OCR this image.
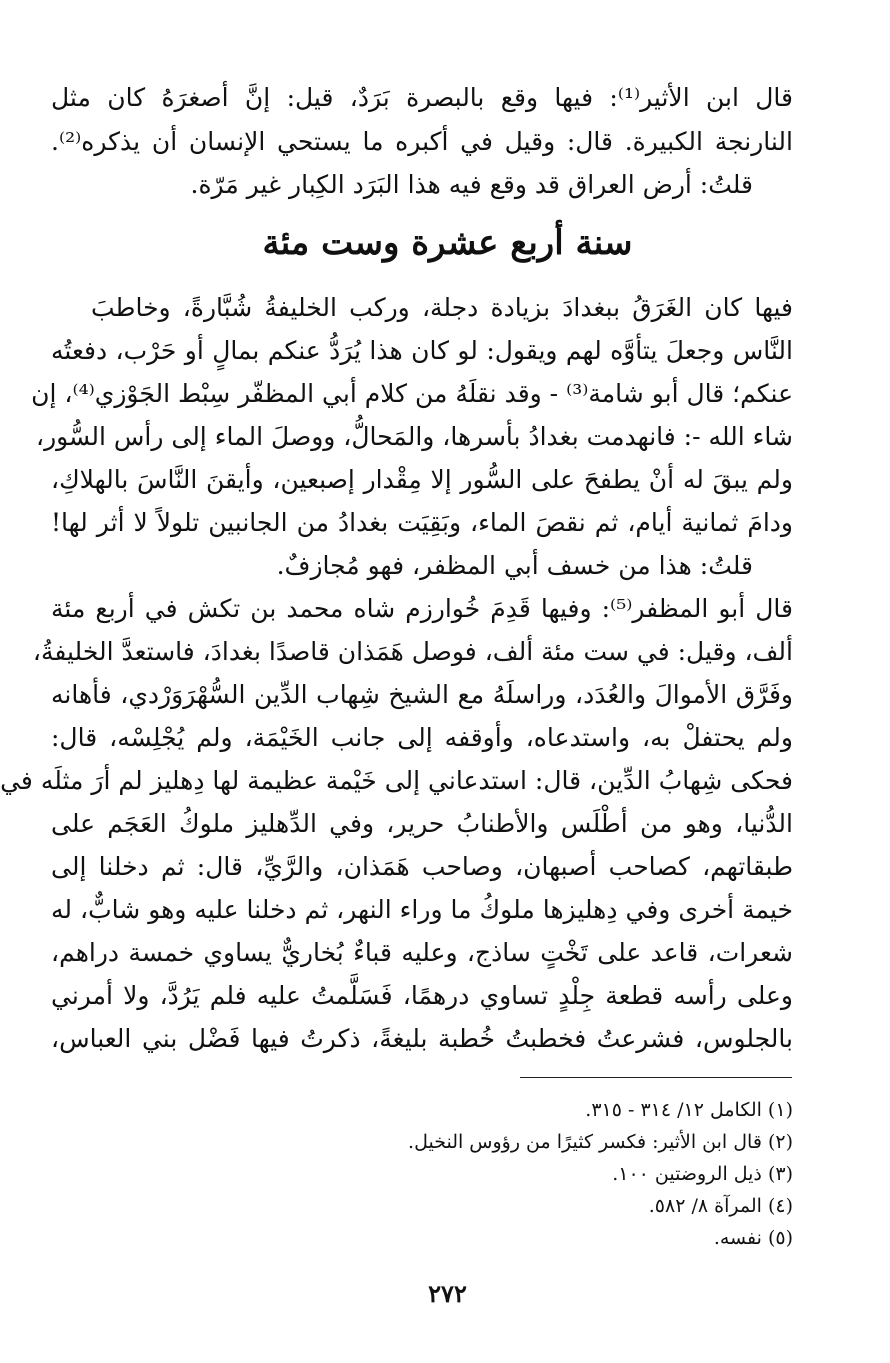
قال ابن الأثير⁽¹⁾: فيها وقع بالبصرة بَرَدٌ، قيل: إنَّ أصغرَهُ كان مثل
النارنجة الكبيرة. قال: وقيل في أكبره ما يستحي الإنسان أن يذكره⁽²⁾.
قلتُ: أرض العراق قد وقع فيه هذا البَرَد الكِبار غير مَرّة.
سنة أربع عشرة وست مئة
فيها كان الغَرَقُ ببغدادَ بزيادة دجلة، وركب الخليفةُ شُبَّارةً، وخاطبَ
النَّاس وجعلَ يتأوَّه لهم ويقول: لو كان هذا يُرَدُّ عنكم بمالٍ أو حَرْب، دفعتُه
عنكم؛ قال أبو شامة⁽³⁾ - وقد نقلَهُ من كلام أبي المظفّر سِبْط الجَوْزي⁽⁴⁾، إن
شاء الله -: فانهدمت بغدادُ بأسرها، والمَحالُّ، ووصلَ الماء إلى رأس السُّور،
ولم يبقَ له أنْ يطفحَ على السُّور إلا مِقْدار إصبعين، وأيقنَ النَّاسَ بالهلاكِ،
ودامَ ثمانية أيام، ثم نقصَ الماء، وبَقِيَت بغدادُ من الجانبين تلولاً لا أثر لها!
قلتُ: هذا من خسف أبي المظفر، فهو مُجازفٌ.
قال أبو المظفر⁽⁵⁾: وفيها قَدِمَ خُوارزم شاه محمد بن تكش في أربع مئة
ألف، وقيل: في ست مئة ألف، فوصل هَمَذان قاصدًا بغدادَ، فاستعدَّ الخليفةُ،
وفَرَّق الأموالَ والعُدَد، وراسلَهُ مع الشيخ شِهاب الدِّين السُّهْرَوَرْدي، فأهانه
ولم يحتفلْ به، واستدعاه، وأوقفه إلى جانب الخَيْمَة، ولم يُجْلِسْه، قال:
فحكى شِهابُ الدِّين، قال: استدعاني إلى خَيْمة عظيمة لها دِهليز لم أرَ مثلَه في
الدُّنيا، وهو من أطْلَس والأطنابُ حرير، وفي الدِّهليز ملوكُ العَجَم على
طبقاتهم، كصاحب أصبهان، وصاحب هَمَذان، والرَّيِّ، قال: ثم دخلنا إلى
خيمة أخرى وفي دِهليزها ملوكُ ما وراء النهر، ثم دخلنا عليه وهو شابٌّ، له
شعرات، قاعد على تَخْتٍ ساذج، وعليه قباءٌ بُخاريٌّ يساوي خمسة دراهم،
وعلى رأسه قطعة جِلْدٍ تساوي درهمًا، فَسَلَّمتُ عليه فلم يَرُدَّ، ولا أمرني
بالجلوس، فشرعتُ فخطبتُ خُطبة بليغةً، ذكرتُ فيها فَضْل بني العباس،
(١) الكامل ١٢/ ٣١٤ - ٣١٥.
(٢) قال ابن الأثير: فكسر كثيرًا من رؤوس النخيل.
(٣) ذيل الروضتين ١٠٠.
(٤) المرآة ٨/ ٥٨٢.
(٥) نفسه.
٢٧٢
